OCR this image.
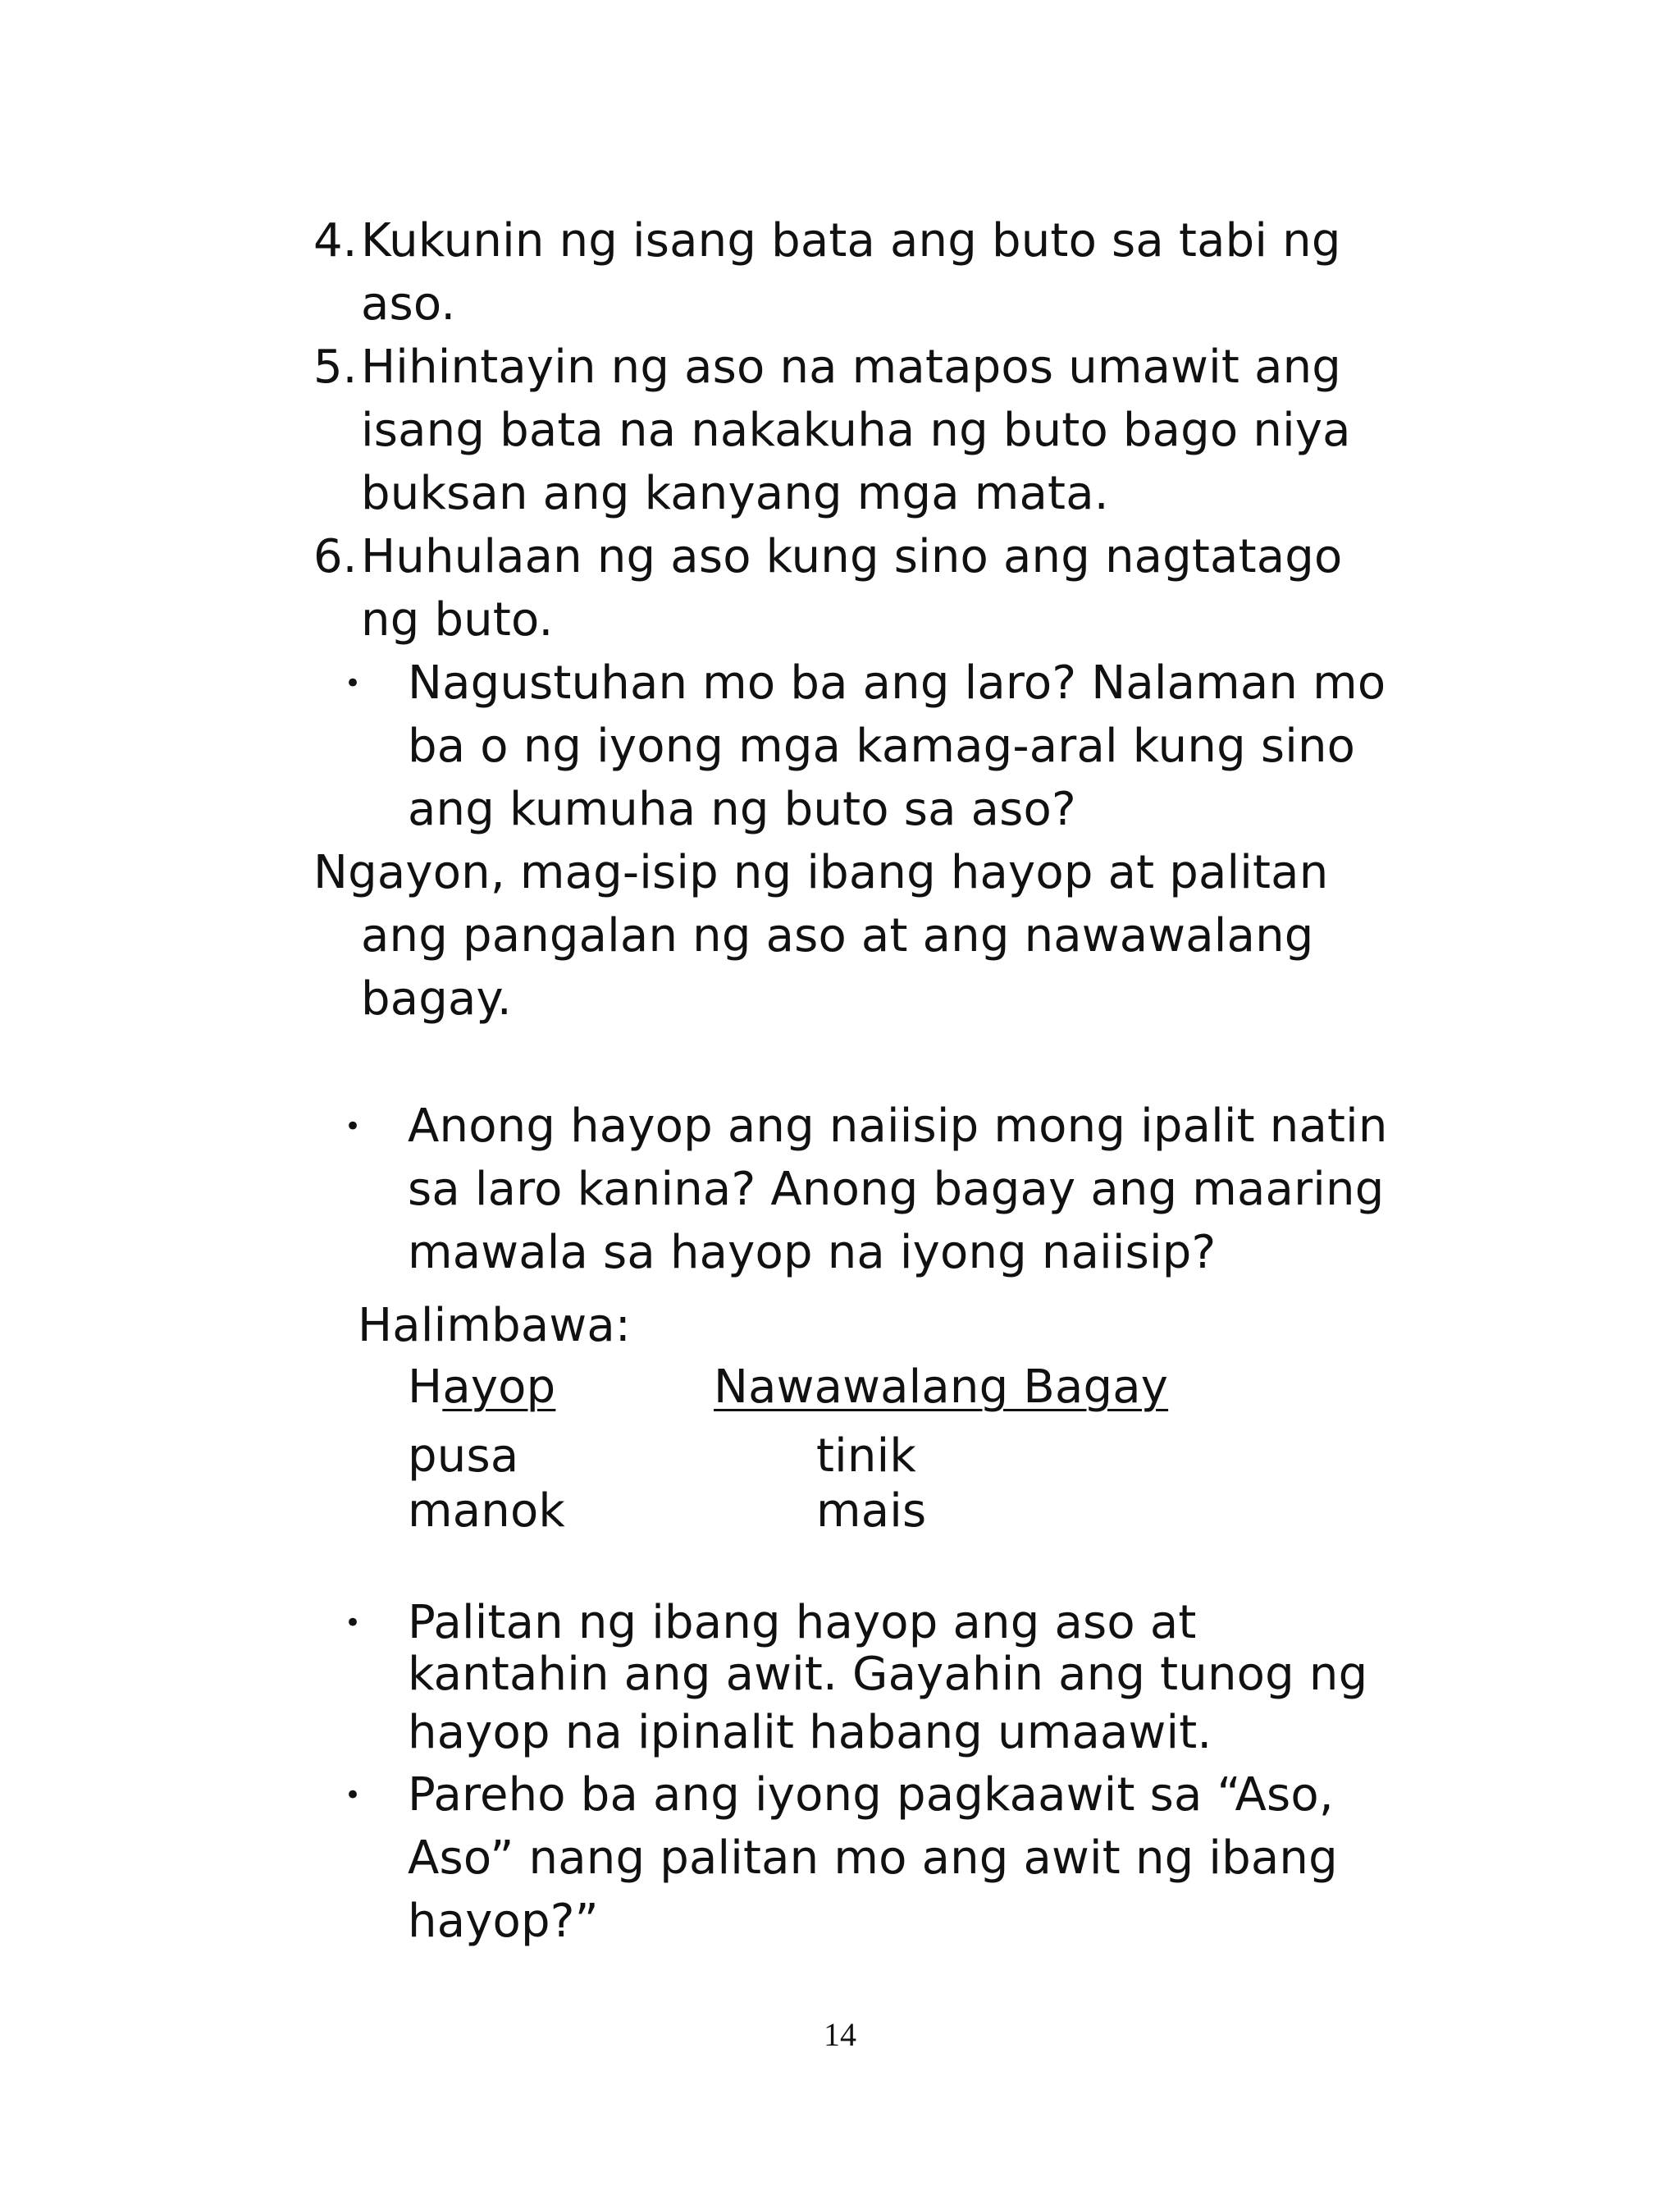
4. Kukunin ng isang bata ang buto sa tabi ng
aso.
5. Hihintayin ng aso na matapos umawit ang
isang bata na nakakuha ng buto bago niya
buksan ang kanyang mga mata.
6. Huhulaan ng aso kung sino ang nagtatago
ng buto.
• Nagustuhan mo ba ang laro? Nalaman mo
ba o ng iyong mga kamag-aral kung sino
ang kumuha ng buto sa aso?
Ngayon, mag-isip ng ibang hayop at palitan
ang pangalan ng aso at ang nawawalang
bagay.
• Anong hayop ang naiisip mong ipalit natin
sa laro kanina? Anong bagay ang maaring
mawala sa hayop na iyong naiisip?
Halimbawa:
Hayop	Nawawalang Bagay
pusa	tinik
manok	mais
• Palitan ng ibang hayop ang aso at
kantahin ang awit. Gayahin ang tunog ng
hayop na ipinalit habang umaawit.
• Pareho ba ang iyong pagkaawit sa “Aso,
Aso” nang palitan mo ang awit ng ibang
hayop?”
14
